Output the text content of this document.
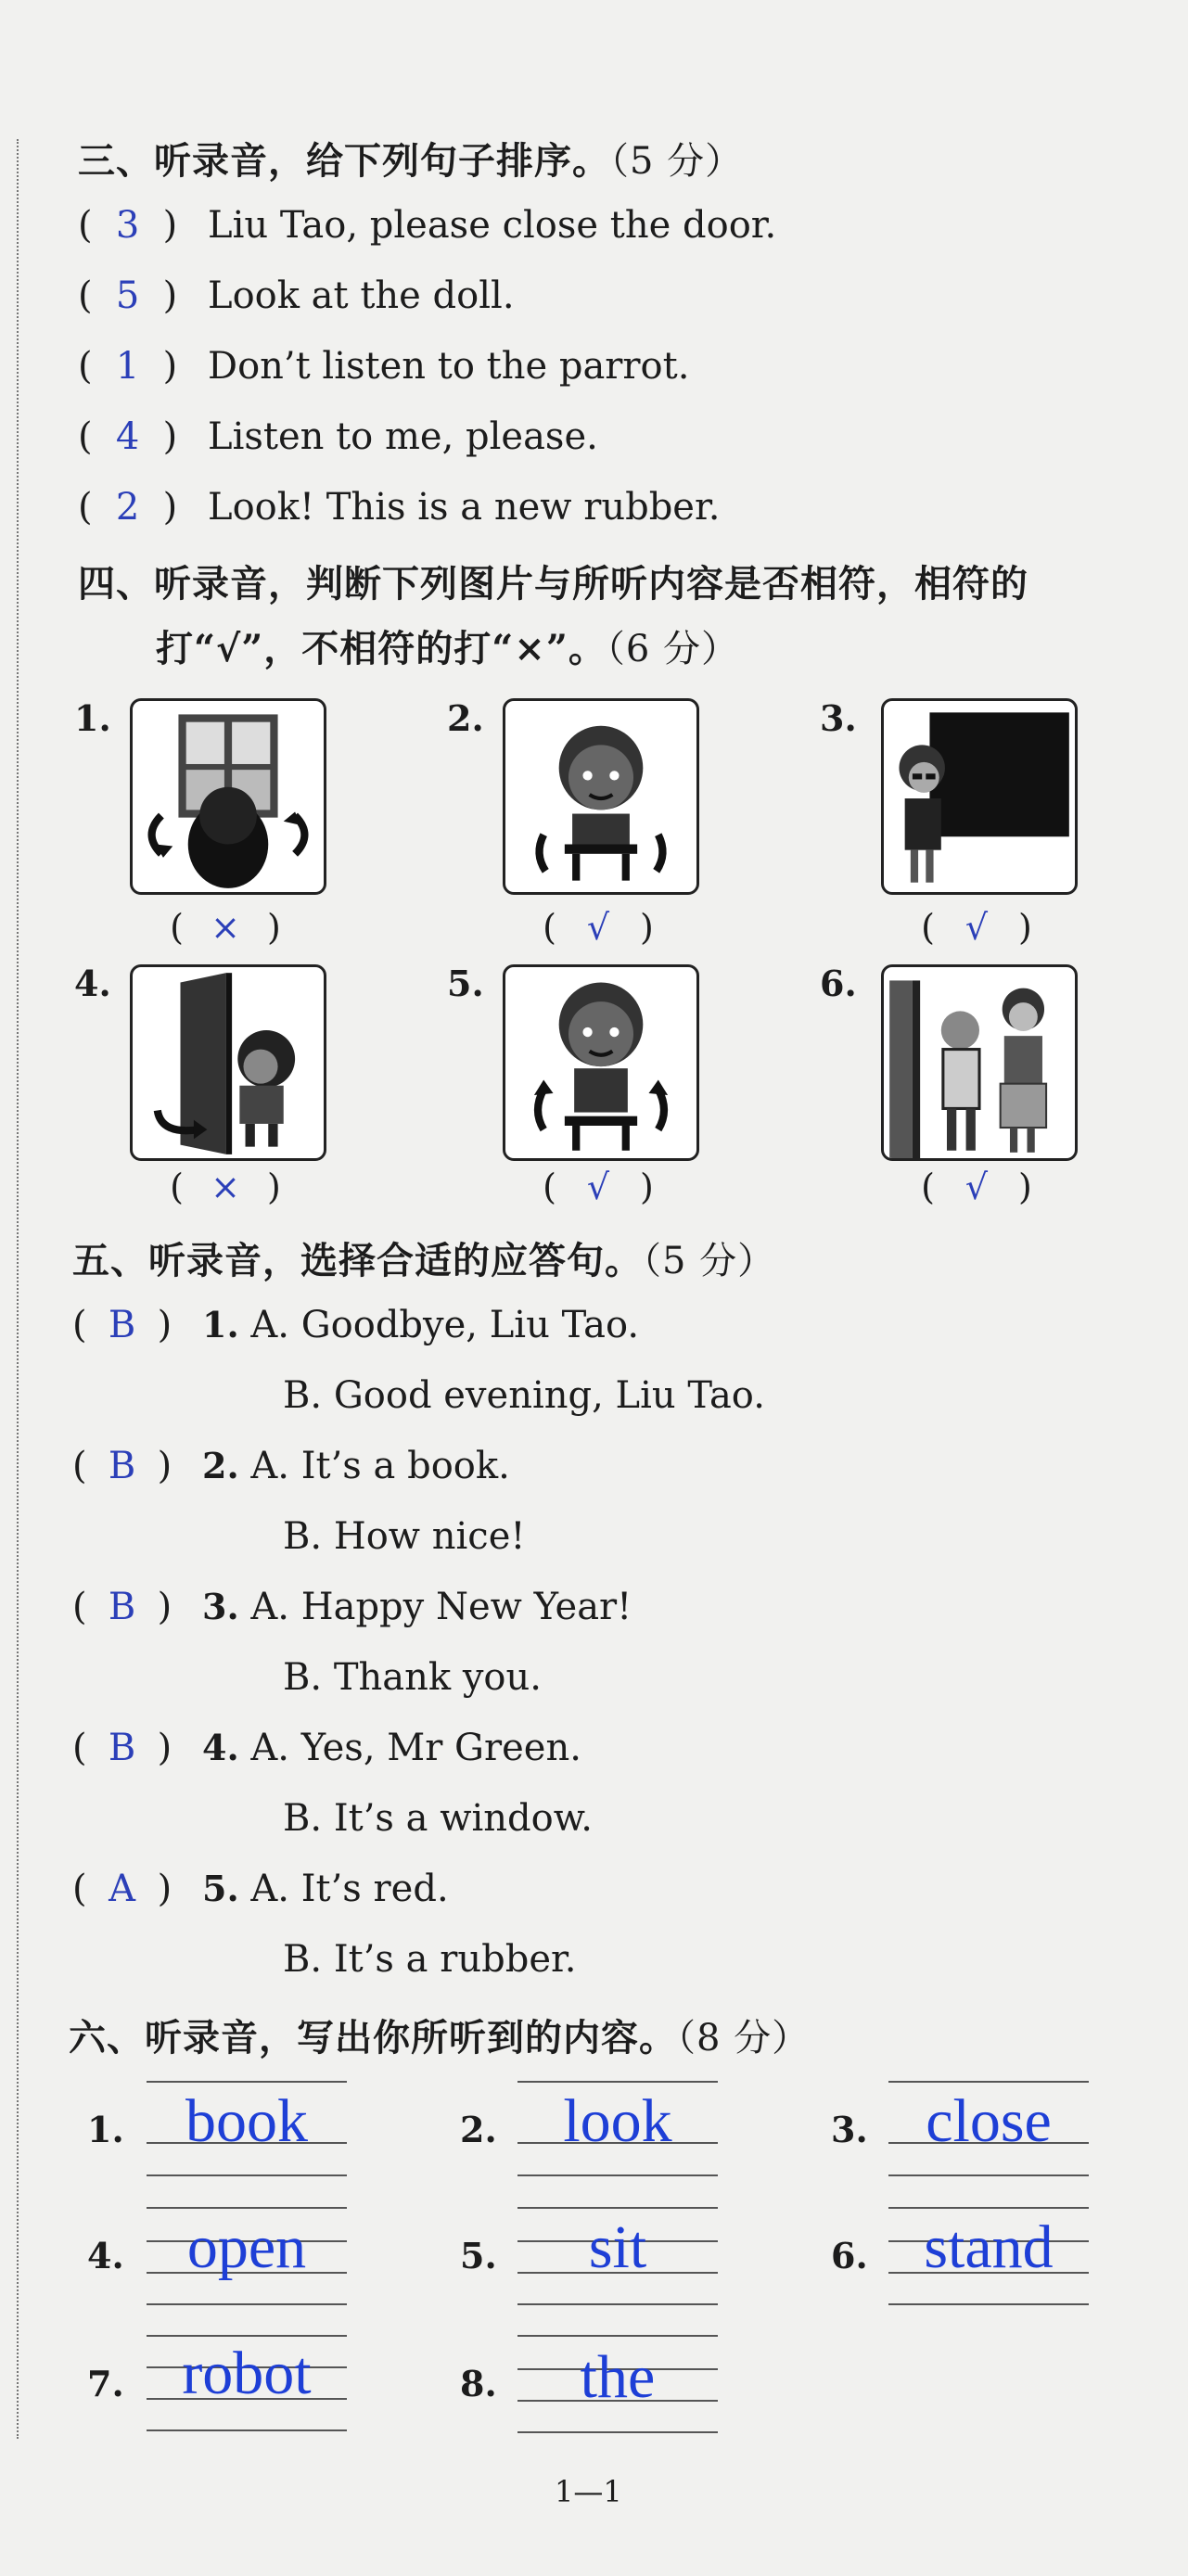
三、听录音，给下列句子排序。（5 分）
( 3 ) Liu Tao, please close the door.
( 5 ) Look at the doll.
( 1 ) Don’t listen to the parrot.
( 4 ) Listen to me, please.
( 2 ) Look! This is a new rubber.
四、听录音，判断下列图片与所听内容是否相符，相符的
打“√”，不相符的打“×”。（6 分）
1.
( × )
2.
( √ )
3.
( √ )
4.
( × )
5.
( √ )
6.
( √ )
五、听录音，选择合适的应答句。（5 分）
( B ) 1. A. Goodbye, Liu Tao.
B. Good evening, Liu Tao.
( B ) 2. A. It’s a book.
B. How nice!
( B ) 3. A. Happy New Year!
B. Thank you.
( B ) 4. A. Yes, Mr Green.
B. It’s a window.
( A ) 5. A. It’s red.
B. It’s a rubber.
六、听录音，写出你所听到的内容。（8 分）
1.	book	2.	look	3. close
4.	open	5.	sit	6. stand
7. robot	8.	the
1—1
